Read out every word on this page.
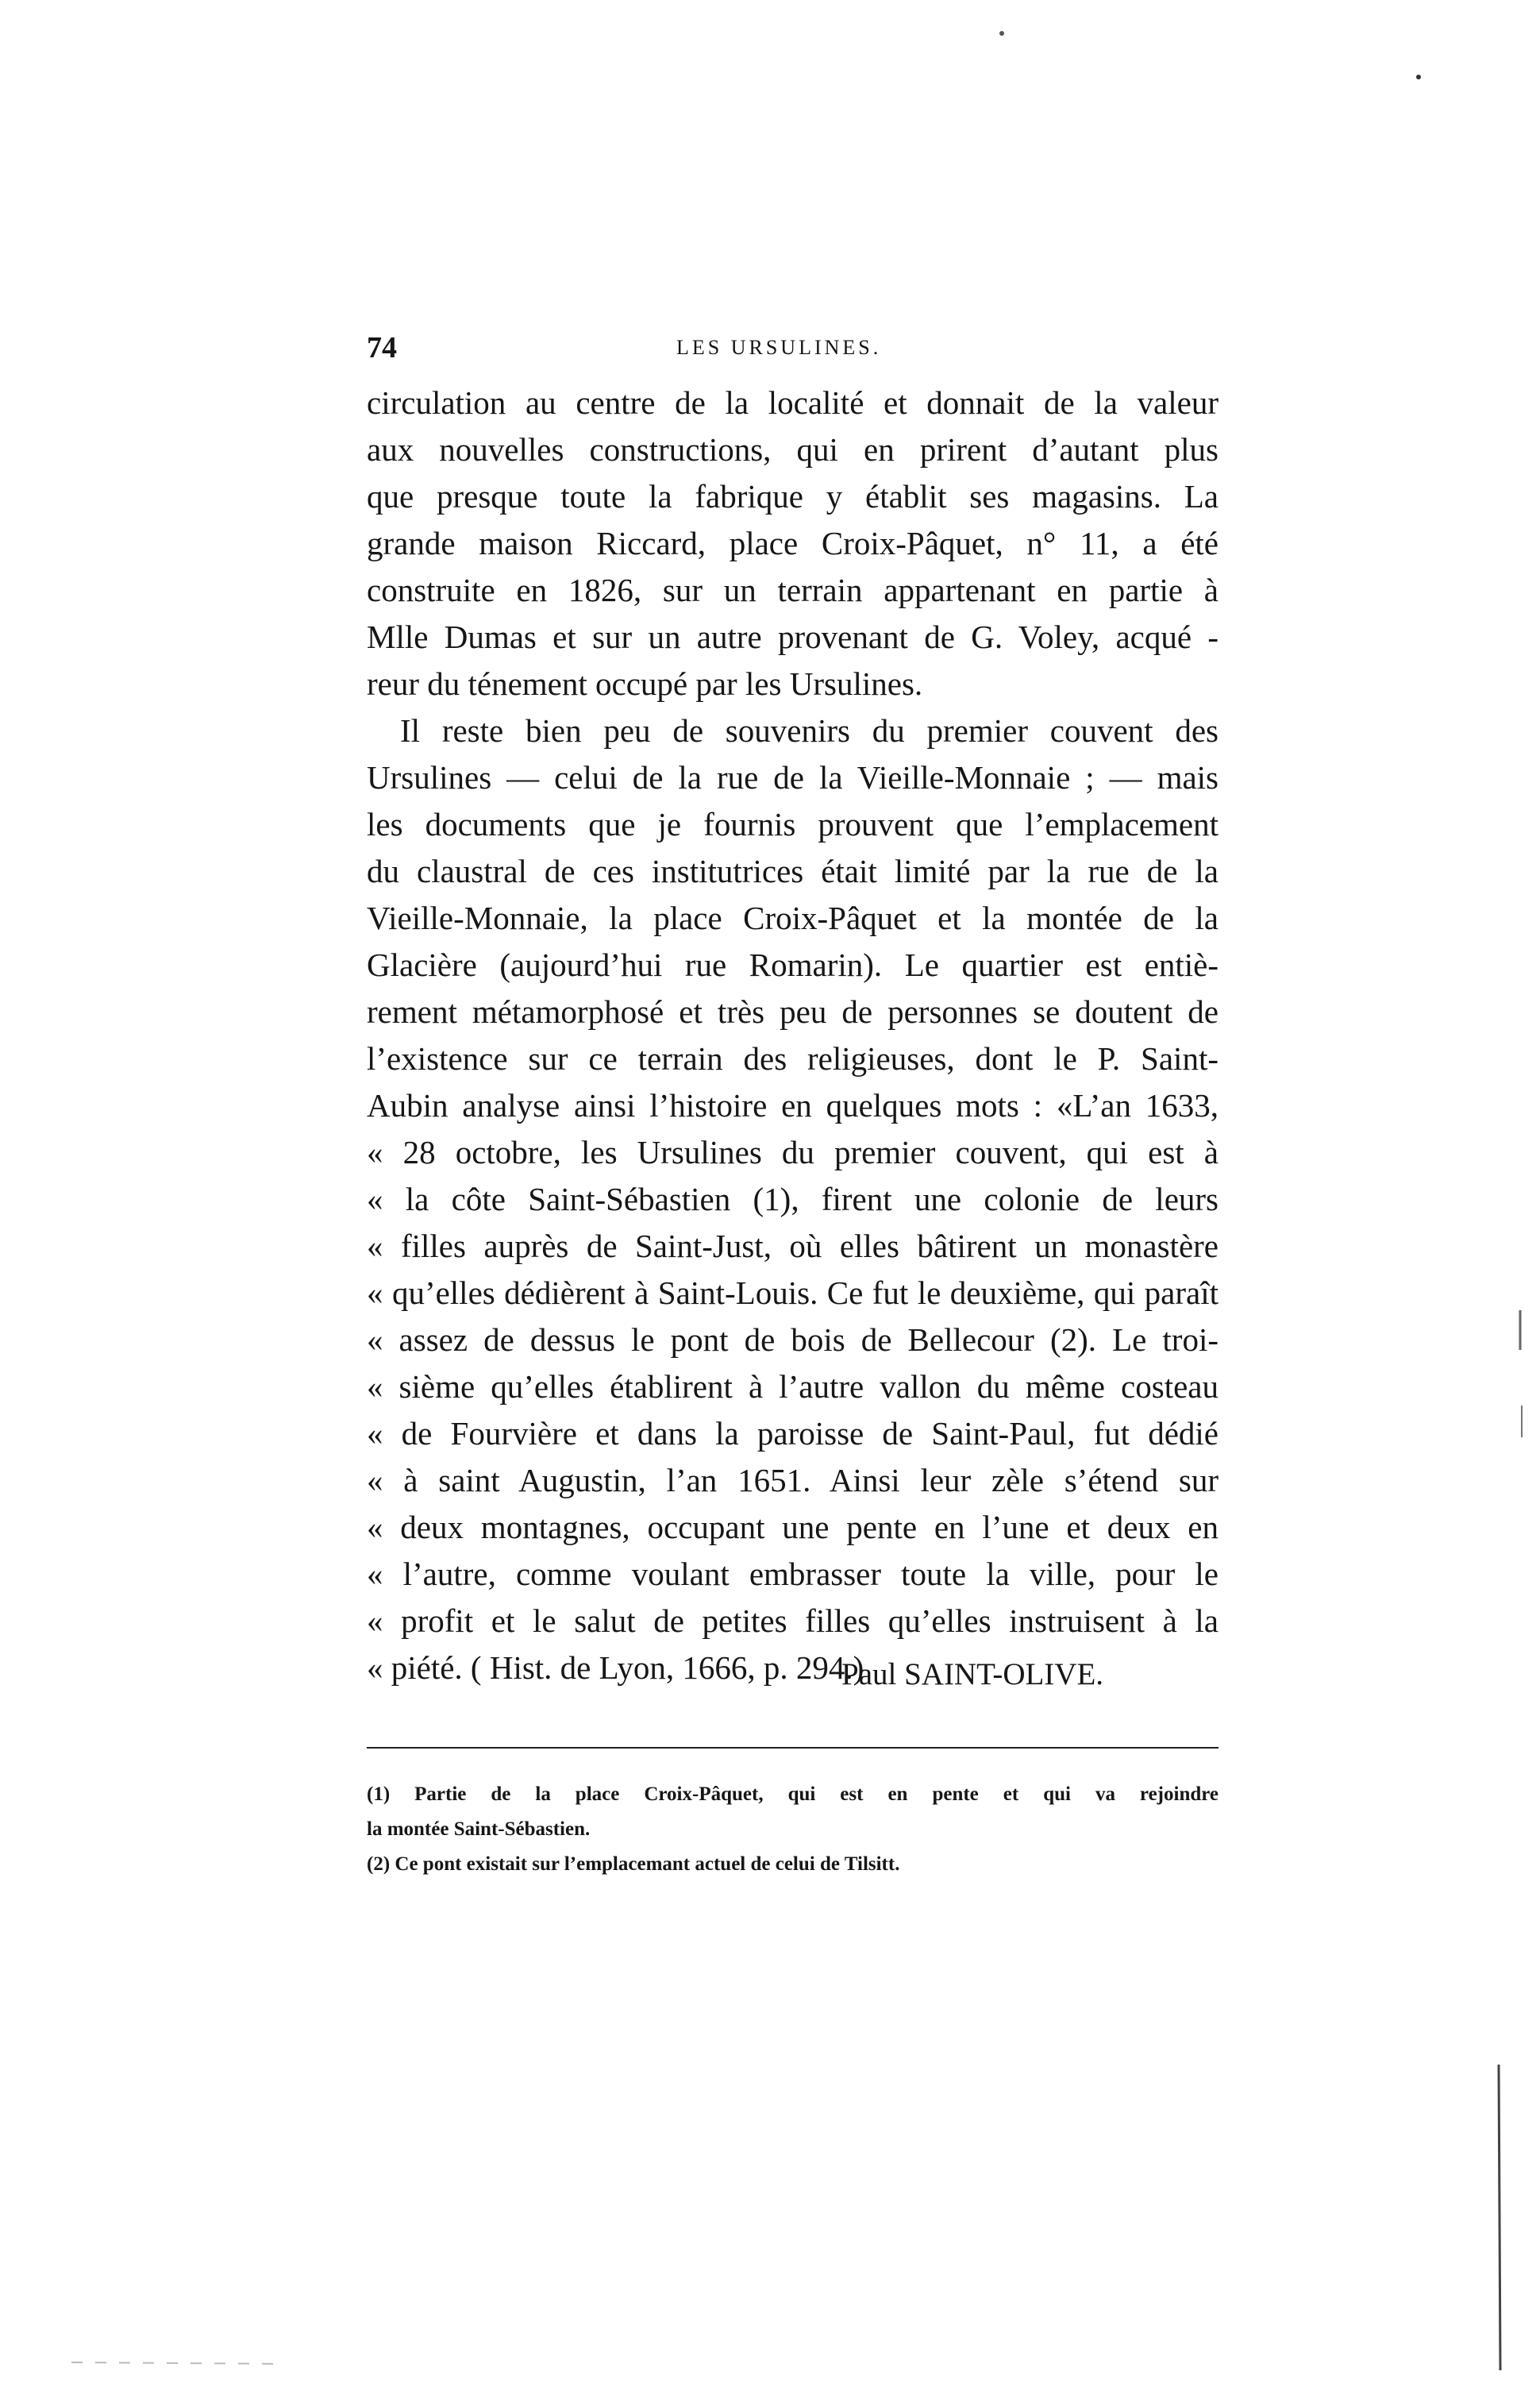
74	LES URSULINES.
circulation au centre de la localité et donnait de la valeur
aux nouvelles constructions, qui en prirent d’autant plus
que presque toute la fabrique y établit ses magasins. La
grande maison Riccard, place Croix-Pâquet, n° 11, a été
construite en 1826, sur un terrain appartenant en partie à
Mlle Dumas et sur un autre provenant de G. Voley, acqué -
reur du ténement occupé par les Ursulines.
Il reste bien peu de souvenirs du premier couvent des
Ursulines — celui de la rue de la Vieille-Monnaie ; — mais
les documents que je fournis prouvent que l’emplacement
du claustral de ces institutrices était limité par la rue de la
Vieille-Monnaie, la place Croix-Pâquet et la montée de la
Glacière (aujourd’hui rue Romarin). Le quartier est entiè-
rement métamorphosé et très peu de personnes se doutent de
l’existence sur ce terrain des religieuses, dont le P. Saint-
Aubin analyse ainsi l’histoire en quelques mots : «L’an 1633,
« 28 octobre, les Ursulines du premier couvent, qui est à
« la côte Saint-Sébastien (1), firent une colonie de leurs
« filles auprès de Saint-Just, où elles bâtirent un monastère
« qu’elles dédièrent à Saint-Louis. Ce fut le deuxième, qui paraît
« assez de dessus le pont de bois de Bellecour (2). Le troi-
« sième qu’elles établirent à l’autre vallon du même costeau
« de Fourvière et dans la paroisse de Saint-Paul, fut dédié
« à saint Augustin, l’an 1651. Ainsi leur zèle s’étend sur
« deux montagnes, occupant une pente en l’une et deux en
« l’autre, comme voulant embrasser toute la ville, pour le
« profit et le salut de petites filles qu’elles instruisent à la
« piété. ( Hist. de Lyon, 1666, p. 294.)
Paul SAINT-OLIVE.
(1) Partie de la place Croix-Pâquet, qui est en pente et qui va rejoindre
la montée Saint-Sébastien.
(2) Ce pont existait sur l’emplacemant actuel de celui de Tilsitt.
